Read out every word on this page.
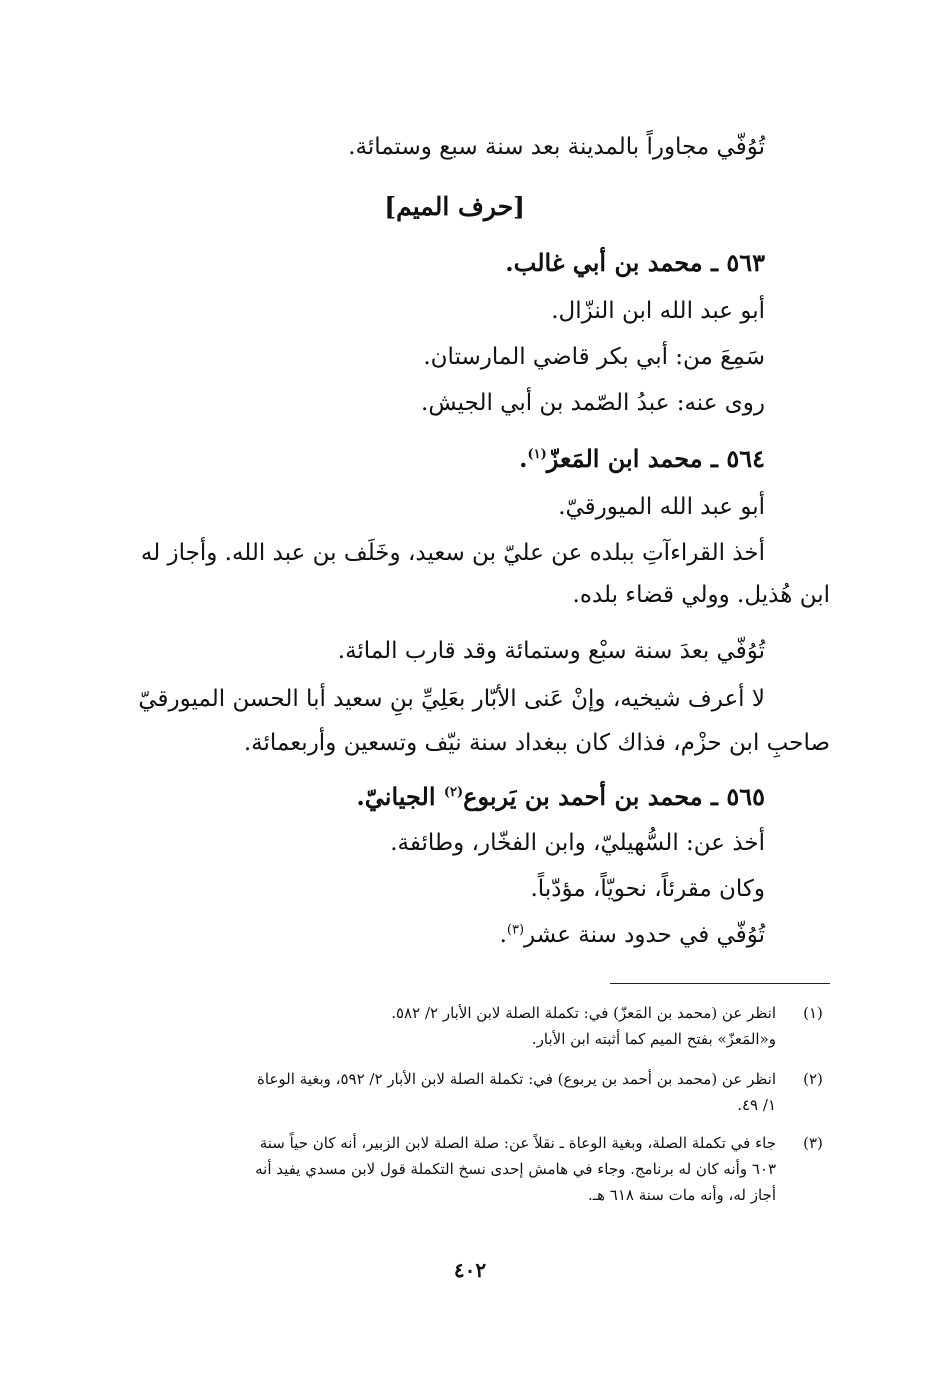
تُوُفّي مجاوراً بالمدينة بعد سنة سبع وستمائة.
[حرف الميم]
٥٦٣ ـ محمد بن أبي غالب.
أبو عبد الله ابن النزّال.
سَمِعَ من: أبي بكر قاضي المارستان.
روى عنه: عبدُ الصّمد بن أبي الجيش.
٥٦٤ ـ محمد ابن المَعزّ$^{(١)}$.
أبو عبد الله الميورقيّ.
أخذ القراءآتِ ببلده عن عليّ بن سعيد، وخَلَف بن عبد الله. وأجاز له
ابن هُذيل. وولي قضاء بلده.
تُوُفّي بعدَ سنة سبْع وستمائة وقد قارب المائة.
لا أعرف شيخيه، وإنْ عَنى الأبّار بعَلِيِّ بنِ سعيد أبا الحسن الميورقيّ
صاحبِ ابن حزْم، فذاك كان ببغداد سنة نيّف وتسعين وأربعمائة.
٥٦٥ ـ محمد بن أحمد بن يَربوع$^{(٢)}$ الجيانيّ.
أخذ عن: السُّهيليّ، وابن الفخّار، وطائفة.
وكان مقرئاً، نحويّاً، مؤدّباً.
تُوُفّي في حدود سنة عشر$^{(٣)}$.
(١)
انظر عن (محمد بن المَعزّ) في: تكملة الصلة لابن الأبار ٢/ ٥٨٢.
و«المَعزّ» بفتح الميم كما أثبته ابن الأبار.
(٢)
انظر عن (محمد بن أحمد بن يربوع) في: تكملة الصلة لابن الأبار ٢/ ٥٩٢، وبغية الوعاة
١/ ٤٩.
(٣)
جاء في تكملة الصلة، وبغية الوعاة ـ نقلاً عن: صلة الصلة لابن الزبير، أنه كان حياً سنة
٦٠٣ وأنه كان له برنامج. وجاء في هامش إحدى نسخ التكملة قول لابن مسدي يفيد أنه
أجاز له، وأنه مات سنة ٦١٨ هـ.
٤٠٢
